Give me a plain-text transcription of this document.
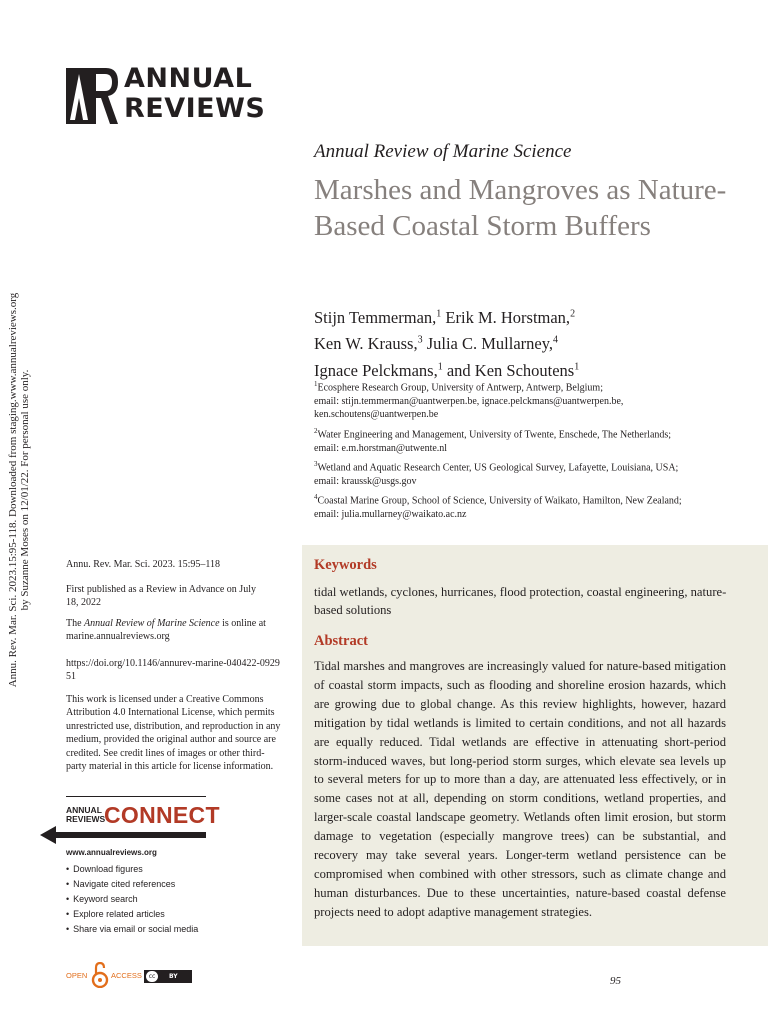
ANNUAL
REVIEWS
Annu. Rev. Mar. Sci. 2023.15:95-118. Downloaded from staging.www.annualreviews.org by Suzanne Moses on 12/01/22. For personal use only.
Annual Review of Marine Science
Marshes and Mangroves as Nature-Based Coastal Storm Buffers
Stijn Temmerman,$^1$ Erik M. Horstman,$^2$
Ken W. Krauss,$^3$ Julia C. Mullarney,$^4$
Ignace Pelckmans,$^1$ and Ken Schoutens$^1$
$^1$Ecosphere Research Group, University of Antwerp, Antwerp, Belgium;
email: stijn.temmerman@uantwerpen.be, ignace.pelckmans@uantwerpen.be, ken.schoutens@uantwerpen.be
$^2$Water Engineering and Management, University of Twente, Enschede, The Netherlands;
email: e.m.horstman@utwente.nl
$^3$Wetland and Aquatic Research Center, US Geological Survey, Lafayette, Louisiana, USA;
email: kraussk@usgs.gov
$^4$Coastal Marine Group, School of Science, University of Waikato, Hamilton, New Zealand;
email: julia.mullarney@waikato.ac.nz
Keywords
tidal wetlands, cyclones, hurricanes, flood protection, coastal engineering, nature-based solutions
Abstract
Tidal marshes and mangroves are increasingly valued for nature-based mitigation of coastal storm impacts, such as flooding and shoreline erosion hazards, which are growing due to global change. As this review highlights, however, hazard mitigation by tidal wetlands is limited to certain conditions, and not all hazards are equally reduced. Tidal wetlands are effective in attenuating short-period storm-induced waves, but long-period storm surges, which elevate sea levels up to several meters for up to more than a day, are attenuated less effectively, or in some cases not at all, depending on storm conditions, wetland properties, and larger-scale coastal landscape geometry. Wetlands often limit erosion, but storm damage to vegetation (especially mangrove trees) can be substantial, and recovery may take several years. Longer-term wetland persistence can be compromised when combined with other stressors, such as climate change and human disturbances. Due to these uncertainties, nature-based coastal defense projects need to adopt adaptive management strategies.
Annu. Rev. Mar. Sci. 2023. 15:95–118
First published as a Review in Advance on July 18, 2022
The Annual Review of Marine Science is online at marine.annualreviews.org
https://doi.org/10.1146/annurev-marine-040422-092951
This work is licensed under a Creative Commons Attribution 4.0 International License, which permits unrestricted use, distribution, and reproduction in any medium, provided the original author and source are credited. See credit lines of images or other third-party material in this article for license information.
ANNUAL
REVIEWS
CONNECT
www.annualreviews.org
• Download figures
• Navigate cited references
• Keyword search
• Explore related articles
• Share via email or social media
OPEN	ACCESS	cc	BY	95
